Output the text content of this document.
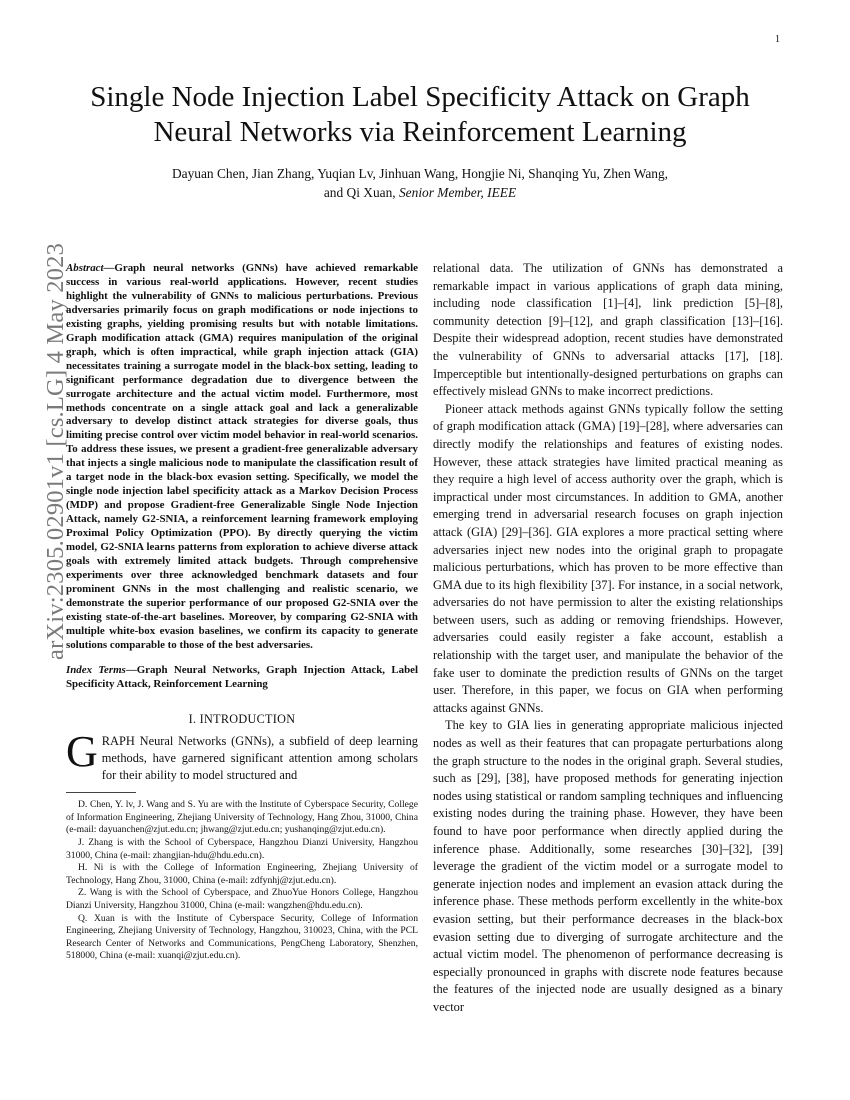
1
arXiv:2305.02901v1 [cs.LG] 4 May 2023
Single Node Injection Label Specificity Attack on Graph Neural Networks via Reinforcement Learning
Dayuan Chen, Jian Zhang, Yuqian Lv, Jinhuan Wang, Hongjie Ni, Shanqing Yu, Zhen Wang,
and Qi Xuan, Senior Member, IEEE

Abstract—Graph neural networks (GNNs) have achieved remarkable success in various real-world applications. However, recent studies highlight the vulnerability of GNNs to malicious perturbations. Previous adversaries primarily focus on graph modifications or node injections to existing graphs, yielding promising results but with notable limitations. Graph modification attack (GMA) requires manipulation of the original graph, which is often impractical, while graph injection attack (GIA) necessitates training a surrogate model in the black-box setting, leading to significant performance degradation due to divergence between the surrogate architecture and the actual victim model. Furthermore, most methods concentrate on a single attack goal and lack a generalizable adversary to develop distinct attack strategies for diverse goals, thus limiting precise control over victim model behavior in real-world scenarios. To address these issues, we present a gradient-free generalizable adversary that injects a single malicious node to manipulate the classification result of a target node in the black-box evasion setting. Specifically, we model the single node injection label specificity attack as a Markov Decision Process (MDP) and propose Gradient-free Generalizable Single Node Injection Attack, namely G2-SNIA, a reinforcement learning framework employing Proximal Policy Optimization (PPO). By directly querying the victim model, G2-SNIA learns patterns from exploration to achieve diverse attack goals with extremely limited attack budgets. Through comprehensive experiments over three acknowledged benchmark datasets and four prominent GNNs in the most challenging and realistic scenario, we demonstrate the superior performance of our proposed G2-SNIA over the existing state-of-the-art baselines. Moreover, by comparing G2-SNIA with multiple white-box evasion baselines, we confirm its capacity to generate solutions comparable to those of the best adversaries.

Index Terms—Graph Neural Networks, Graph Injection Attack, Label Specificity Attack, Reinforcement Learning

I. INTRODUCTION

GRAPH Neural Networks (GNNs), a subfield of deep learning methods, have garnered significant attention among scholars for their ability to model structured and

D. Chen, Y. lv, J. Wang and S. Yu are with the Institute of Cyberspace Security, College of Information Engineering, Zhejiang University of Technology, Hang Zhou, 31000, China (e-mail: dayuanchen@zjut.edu.cn; jhwang@zjut.edu.cn; yushanqing@zjut.edu.cn).

J. Zhang is with the School of Cyberspace, Hangzhou Dianzi University, Hangzhou 31000, China (e-mail: zhangjian-hdu@hdu.edu.cn).

H. Ni is with the College of Information Engineering, Zhejiang University of Technology, Hang Zhou, 31000, China (e-mail: zdfynhj@zjut.edu.cn).

Z. Wang is with the School of Cyberspace, and ZhuoYue Honors College, Hangzhou Dianzi University, Hangzhou 31000, China (e-mail: wangzhen@hdu.edu.cn).

Q. Xuan is with the Institute of Cyberspace Security, College of Information Engineering, Zhejiang University of Technology, Hangzhou, 310023, China, with the PCL Research Center of Networks and Communications, PengCheng Laboratory, Shenzhen, 518000, China (e-mail: xuanqi@zjut.edu.cn).

relational data. The utilization of GNNs has demonstrated a remarkable impact in various applications of graph data mining, including node classification [1]–[4], link prediction [5]–[8], community detection [9]–[12], and graph classification [13]–[16]. Despite their widespread adoption, recent studies have demonstrated the vulnerability of GNNs to adversarial attacks [17], [18]. Imperceptible but intentionally-designed perturbations on graphs can effectively mislead GNNs to make incorrect predictions.

Pioneer attack methods against GNNs typically follow the setting of graph modification attack (GMA) [19]–[28], where adversaries can directly modify the relationships and features of existing nodes. However, these attack strategies have limited practical meaning as they require a high level of access authority over the graph, which is impractical under most circumstances. In addition to GMA, another emerging trend in adversarial research focuses on graph injection attack (GIA) [29]–[36]. GIA explores a more practical setting where adversaries inject new nodes into the original graph to propagate malicious perturbations, which has proven to be more effective than GMA due to its high flexibility [37]. For instance, in a social network, adversaries do not have permission to alter the existing relationships between users, such as adding or removing friendships. However, adversaries could easily register a fake account, establish a relationship with the target user, and manipulate the behavior of the fake user to dominate the prediction results of GNNs on the target user. Therefore, in this paper, we focus on GIA when performing attacks against GNNs.

The key to GIA lies in generating appropriate malicious injected nodes as well as their features that can propagate perturbations along the graph structure to the nodes in the original graph. Several studies, such as [29], [38], have proposed methods for generating injection nodes using statistical or random sampling techniques and influencing existing nodes during the training phase. However, they have been found to have poor performance when directly applied during the inference phase. Additionally, some researches [30]–[32], [39] leverage the gradient of the victim model or a surrogate model to generate injection nodes and implement an evasion attack during the inference phase. These methods perform excellently in the white-box evasion setting, but their performance decreases in the black-box evasion setting due to diverging of surrogate architecture and the actual victim model. The phenomenon of performance decreasing is especially pronounced in graphs with discrete node features because the features of the injected node are usually designed as a binary vector
